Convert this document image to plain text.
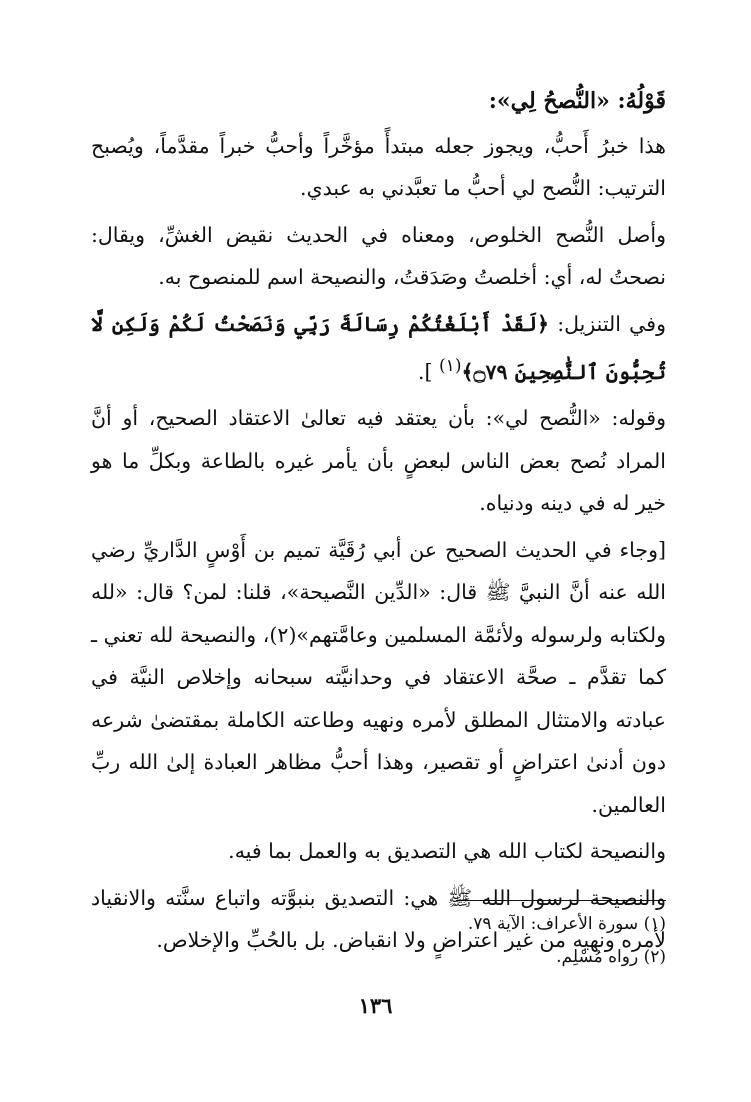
قَوْلُهُ: «النُّصحُ لِي»:

هذا خبرُ أَحبُّ، ويجوز جعله مبتدأً مؤخَّراً وأحبُّ خبراً مقدَّماً، ويُصبح الترتيب: النُّصح لي أحبُّ ما تعبَّدني به عبدي.

وأصل النُّصح الخلوص، ومعناه في الحديث نقيض الغشِّ، ويقال: نصحتُ له، أي: أخلصتُ وصَدَقتُ، والنصيحة اسم للمنصوح به.

وفي التنزيل: ﴿لَقَدْ أَبْلَغْتُكُمْ رِسَالَةَ رَبِّي وَنَصَحْتُ لَكُمْ وَلَكِن لَّا تُحِبُّونَ ٱلنَّٰصِحِينَ ۝٧٩﴾$^{(١)}$ ].

وقوله: «النُّصح لي»: بأن يعتقد فيه تعالىٰ الاعتقاد الصحيح، أو أنَّ المراد نُصح بعض الناس لبعضٍ بأن يأمر غيره بالطاعة وبكلِّ ما هو خير له في دينه ودنياه.

[وجاء في الحديث الصحيح عن أبي رُقَيَّة تميم بن أَوْسٍ الدَّاريِّ رضي الله عنه أنَّ النبيَّ ﷺ قال: «الدِّين النَّصيحة»، قلنا: لمن؟ قال: «لله ولكتابه ولرسوله ولأئمَّة المسلمين وعامَّتهم»(٢)، والنصيحة لله تعني ـ كما تقدَّم ـ صحَّة الاعتقاد في وحدانيَّته سبحانه وإخلاص النيَّة في عبادته والامتثال المطلق لأمره ونهيه وطاعته الكاملة بمقتضىٰ شرعه دون أدنىٰ اعتراضٍ أو تقصير، وهذا أحبُّ مظاهر العبادة إلىٰ الله ربِّ العالمين.

والنصيحة لكتاب الله هي التصديق به والعمل بما فيه.

والنصيحة لرسول الله ﷺ هي: التصديق بنبوَّته واتباع سنَّته والانقياد لأمره ونهيه من غير اعتراضٍ ولا انقباض. بل بالحُبِّ والإخلاص.

(١) سورة الأعراف: الآية ٧٩.

(٢) رواه مُسْلِم.

١٣٦
